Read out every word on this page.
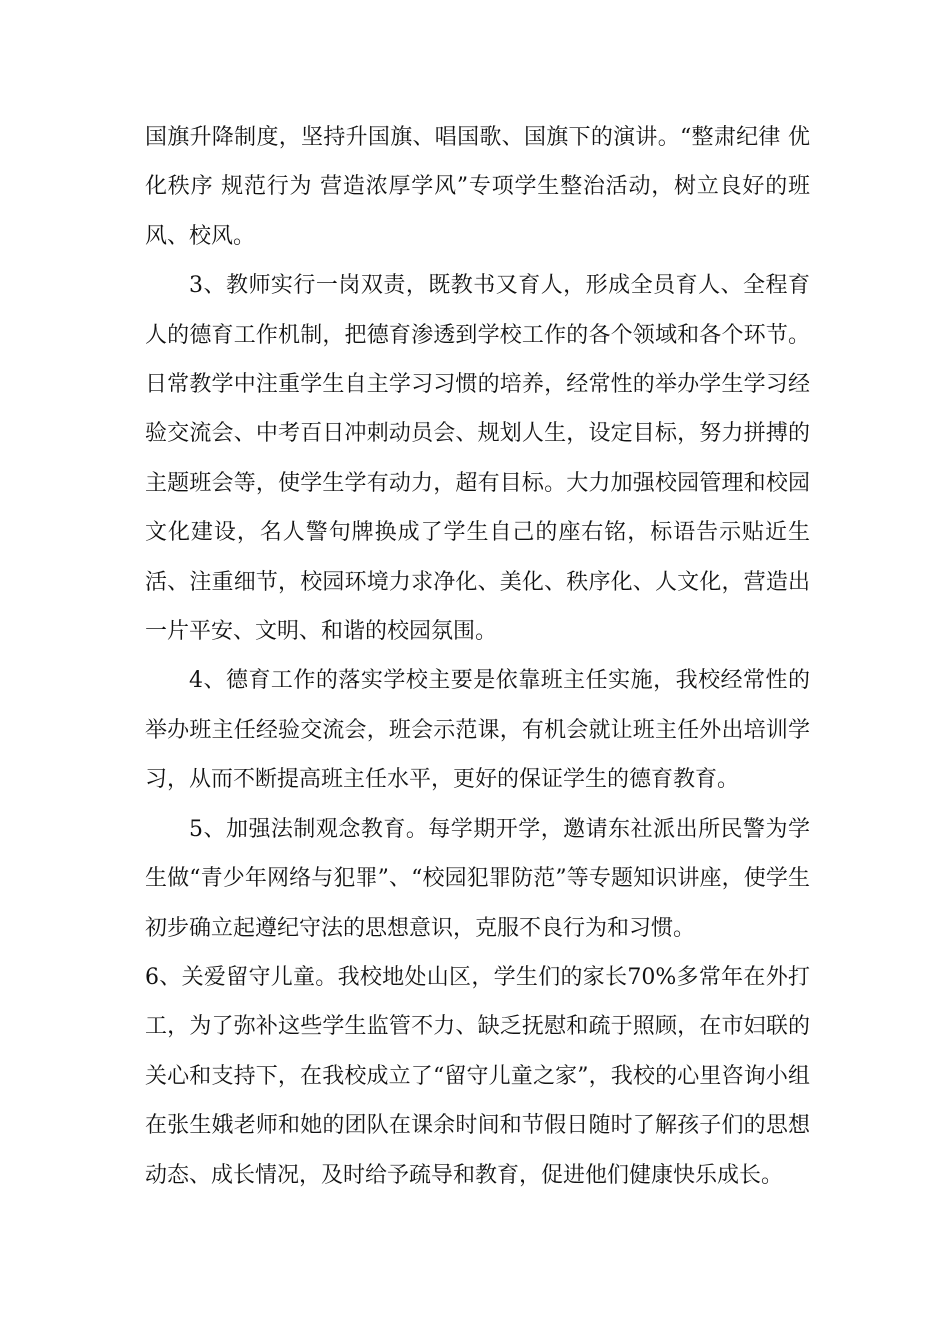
国旗升降制度，坚持升国旗、唱国歌、国旗下的演讲。“整肃纪律 优化秩序 规范行为 营造浓厚学风”专项学生整治活动，树立良好的班风、校风。

3、教师实行一岗双责，既教书又育人，形成全员育人、全程育人的德育工作机制，把德育渗透到学校工作的各个领域和各个环节。日常教学中注重学生自主学习习惯的培养，经常性的举办学生学习经验交流会、中考百日冲刺动员会、规划人生，设定目标，努力拼搏的主题班会等，使学生学有动力，超有目标。大力加强校园管理和校园文化建设，名人警句牌换成了学生自己的座右铭，标语告示贴近生活、注重细节，校园环境力求净化、美化、秩序化、人文化，营造出一片平安、文明、和谐的校园氛围。

4、德育工作的落实学校主要是依靠班主任实施，我校经常性的举办班主任经验交流会，班会示范课，有机会就让班主任外出培训学习，从而不断提高班主任水平，更好的保证学生的德育教育。

5、加强法制观念教育。每学期开学，邀请东社派出所民警为学生做“青少年网络与犯罪”、“校园犯罪防范”等专题知识讲座，使学生初步确立起遵纪守法的思想意识，克服不良行为和习惯。

6、关爱留守儿童。我校地处山区，学生们的家长70%多常年在外打工，为了弥补这些学生监管不力、缺乏抚慰和疏于照顾，在市妇联的关心和支持下，在我校成立了“留守儿童之家”，我校的心里咨询小组在张生娥老师和她的团队在课余时间和节假日随时了解孩子们的思想动态、成长情况，及时给予疏导和教育，促进他们健康快乐成长。
